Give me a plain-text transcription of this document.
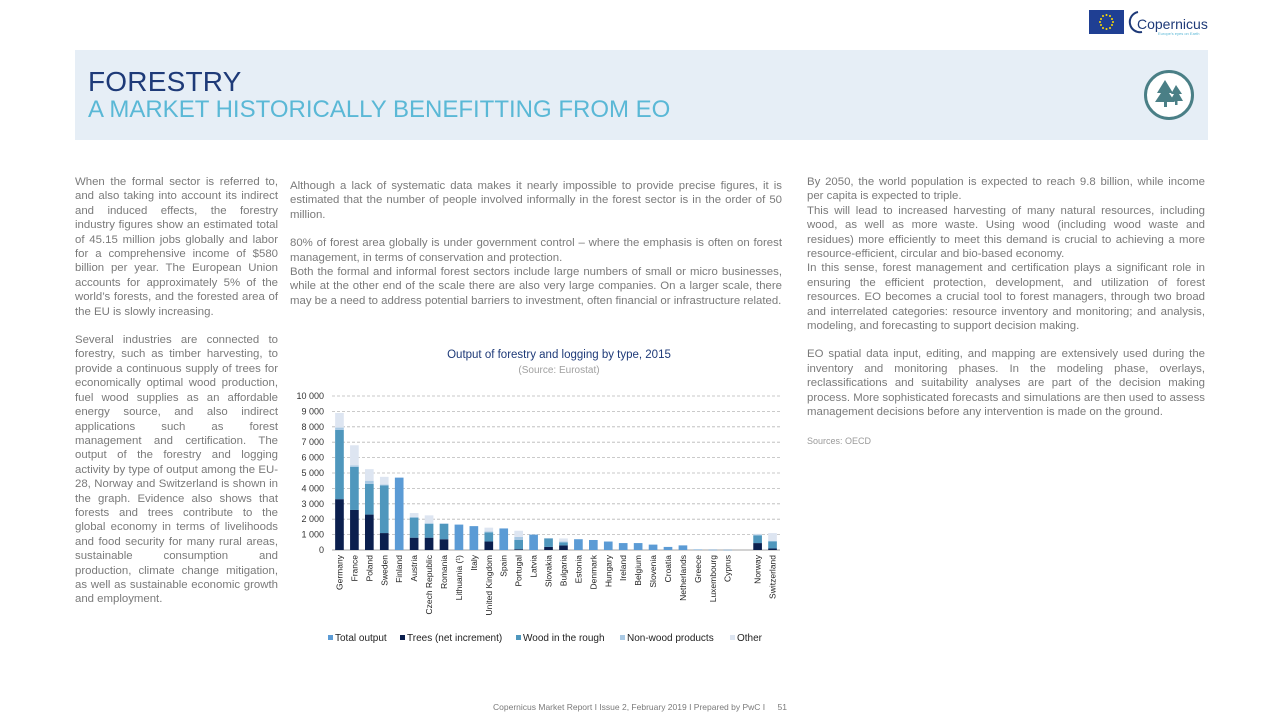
Copernicus
Europe's eyes on Earth
FORESTRY
A MARKET HISTORICALLY BENEFITTING FROM EO

When the formal sector is referred to, and also taking into account its indirect and induced effects, the forestry industry figures show an estimated total of 45.15 million jobs globally and labor for a comprehensive income of $580 billion per year. The European Union accounts for approximately 5% of the world’s forests, and the forested area of the EU is slowly increasing.

Several industries are connected to forestry, such as timber harvesting, to provide a continuous supply of trees for economically optimal wood production, fuel wood supplies as an affordable energy source, and also indirect applications such as forest management and certification. The output of the forestry and logging activity by type of output among the EU-28, Norway and Switzerland is shown in the graph. Evidence also shows that forests and trees contribute to the global economy in terms of livelihoods and food security for many rural areas, sustainable consumption and production, climate change mitigation, as well as sustainable economic growth and employment.

Although a lack of systematic data makes it nearly impossible to provide precise figures, it is estimated that the number of people involved informally in the forest sector is in the order of 50 million.

80% of forest area globally is under government control – where the emphasis is often on forest management, in terms of conservation and protection.

Both the formal and informal forest sectors include large numbers of small or micro businesses, while at the other end of the scale there are also very large companies. On a larger scale, there may be a need to address potential barriers to investment, often financial or infrastructure related.

By 2050, the world population is expected to reach 9.8 billion, while income per capita is expected to triple.

This will lead to increased harvesting of many natural resources, including wood, as well as more waste. Using wood (including wood waste and residues) more efficiently to meet this demand is crucial to achieving a more resource-efficient, circular and bio-based economy.

In this sense, forest management and certification plays a significant role in ensuring the efficient protection, development, and utilization of forest resources. EO becomes a crucial tool to forest managers, through two broad and interrelated categories: resource inventory and monitoring; and analysis, modeling, and forecasting to support decision making.

EO spatial data input, editing, and mapping are extensively used during the inventory and monitoring phases. In the modeling phase, overlays, reclassifications and suitability analyses are part of the decision making process. More sophisticated forecasts and simulations are then used to assess management decisions before any intervention is made on the ground.

Sources: OECD

Output of forestry and logging by type, 2015
(Source: Eurostat)
0
1 000
2 000
3 000
4 000
5 000
6 000
7 000
8 000
9 000
10 000
Germany France Poland Sweden Finland Austria Czech Republic Romania Lithuania (¹) Italy United Kingdom Spain Portugal Latvia Slovakia Bulgaria Estonia Denmark Hungary Ireland Belgium Slovenia Croatia Netherlands Greece Luxembourg Cyprus Norway Switzerland
Total output Trees (net increment) Wood in the rough Non-wood products Other
Copernicus Market Report I Issue 2, February 2019 I Prepared by PwC I 51
